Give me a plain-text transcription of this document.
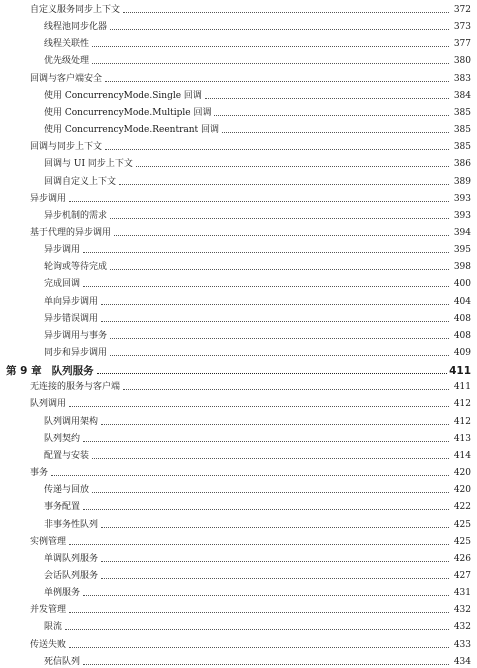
自定义服务同步上下文	372
线程池同步化器	373
线程关联性	377
优先级处理	380
回调与客户端安全	383
使用 ConcurrencyMode.Single 回调	384
使用 ConcurrencyMode.Multiple 回调	385
使用 ConcurrencyMode.Reentrant 回调	385
回调与同步上下文	385
回调与 UI 同步上下文	386
回调自定义上下文	389
异步调用	393
异步机制的需求	393
基于代理的异步调用	394
异步调用	395
轮询或等待完成	398
完成回调	400
单向异步调用	404
异步错误调用	408
异步调用与事务	408
同步和异步调用	409
第 9 章 队列服务	411
无连接的服务与客户端	411
队列调用	412
队列调用架构	412
队列契约	413
配置与安装	414
事务	420
传递与回放	420
事务配置	422
非事务性队列	425
实例管理	425
单调队列服务	426
会话队列服务	427
单例服务	431
并发管理	432
限流	432
传送失败	433
死信队列	434
